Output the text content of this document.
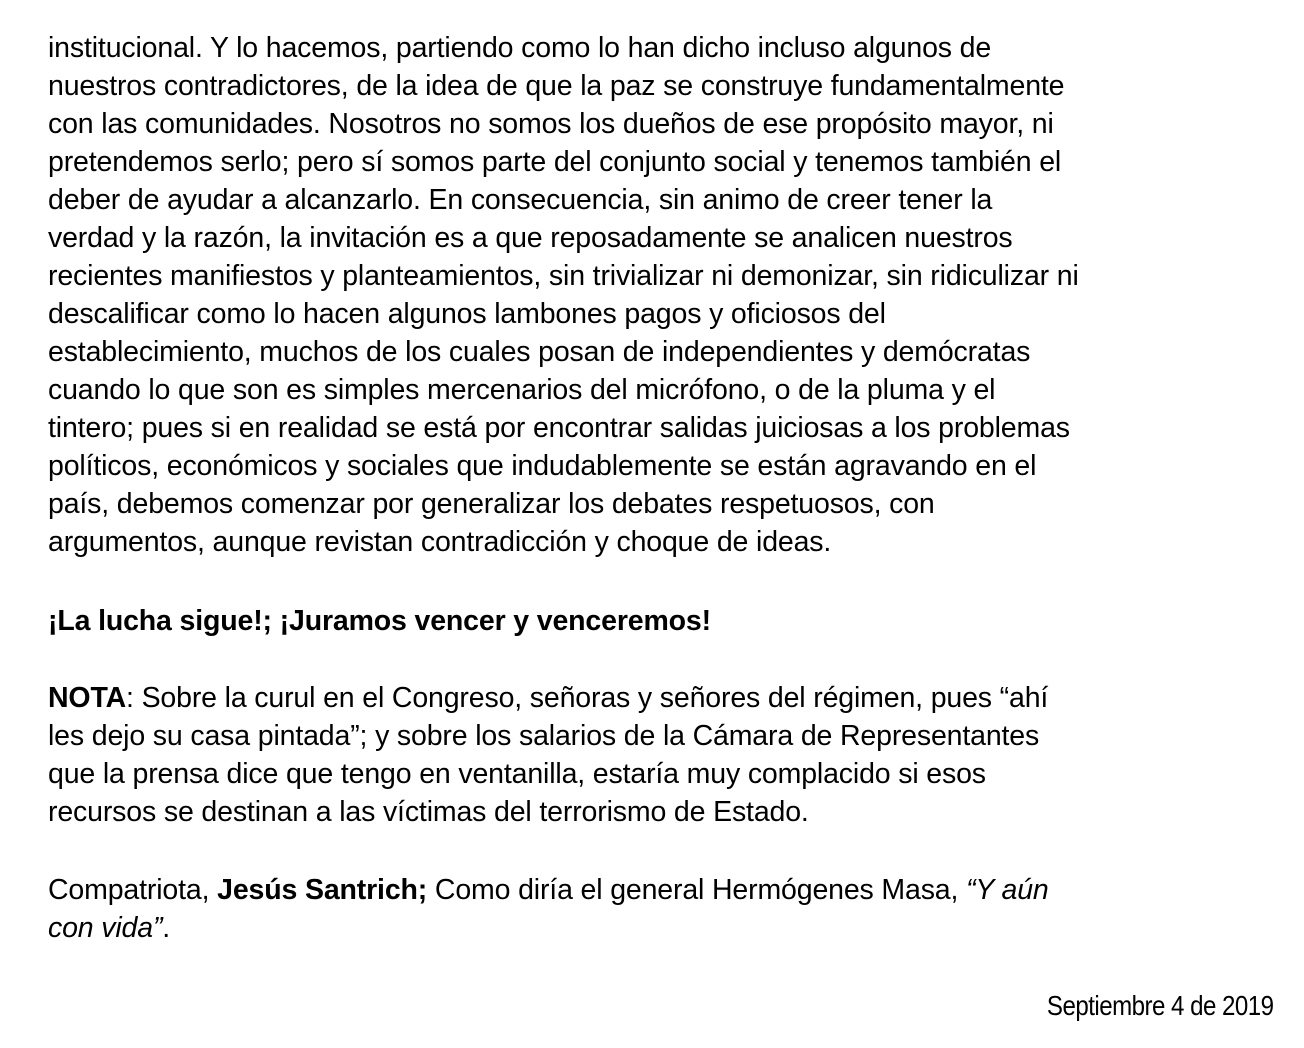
institucional. Y lo hacemos, partiendo como lo han dicho incluso algunos de
nuestros contradictores, de la idea de que la paz se construye fundamentalmente
con las comunidades. Nosotros no somos los dueños de ese propósito mayor, ni
pretendemos serlo; pero sí somos parte del conjunto social y tenemos también el
deber de ayudar a alcanzarlo. En consecuencia, sin animo de creer tener la
verdad y la razón, la invitación es a que reposadamente se analicen nuestros
recientes manifiestos y planteamientos, sin trivializar ni demonizar, sin ridiculizar ni
descalificar como lo hacen algunos lambones pagos y oficiosos del
establecimiento, muchos de los cuales posan de independientes y demócratas
cuando lo que son es simples mercenarios del micrófono, o de la pluma y el
tintero; pues si en realidad se está por encontrar salidas juiciosas a los problemas
políticos, económicos y sociales que indudablemente se están agravando en el
país, debemos comenzar por generalizar los debates respetuosos, con
argumentos, aunque revistan contradicción y choque de ideas.
¡La lucha sigue!; ¡Juramos vencer y venceremos!
NOTA: Sobre la curul en el Congreso, señoras y señores del régimen, pues “ahí
les dejo su casa pintada”; y sobre los salarios de la Cámara de Representantes
que la prensa dice que tengo en ventanilla, estaría muy complacido si esos
recursos se destinan a las víctimas del terrorismo de Estado.
Compatriota, Jesús Santrich; Como diría el general Hermógenes Masa, “Y aún
con vida”.
Septiembre 4 de 2019
